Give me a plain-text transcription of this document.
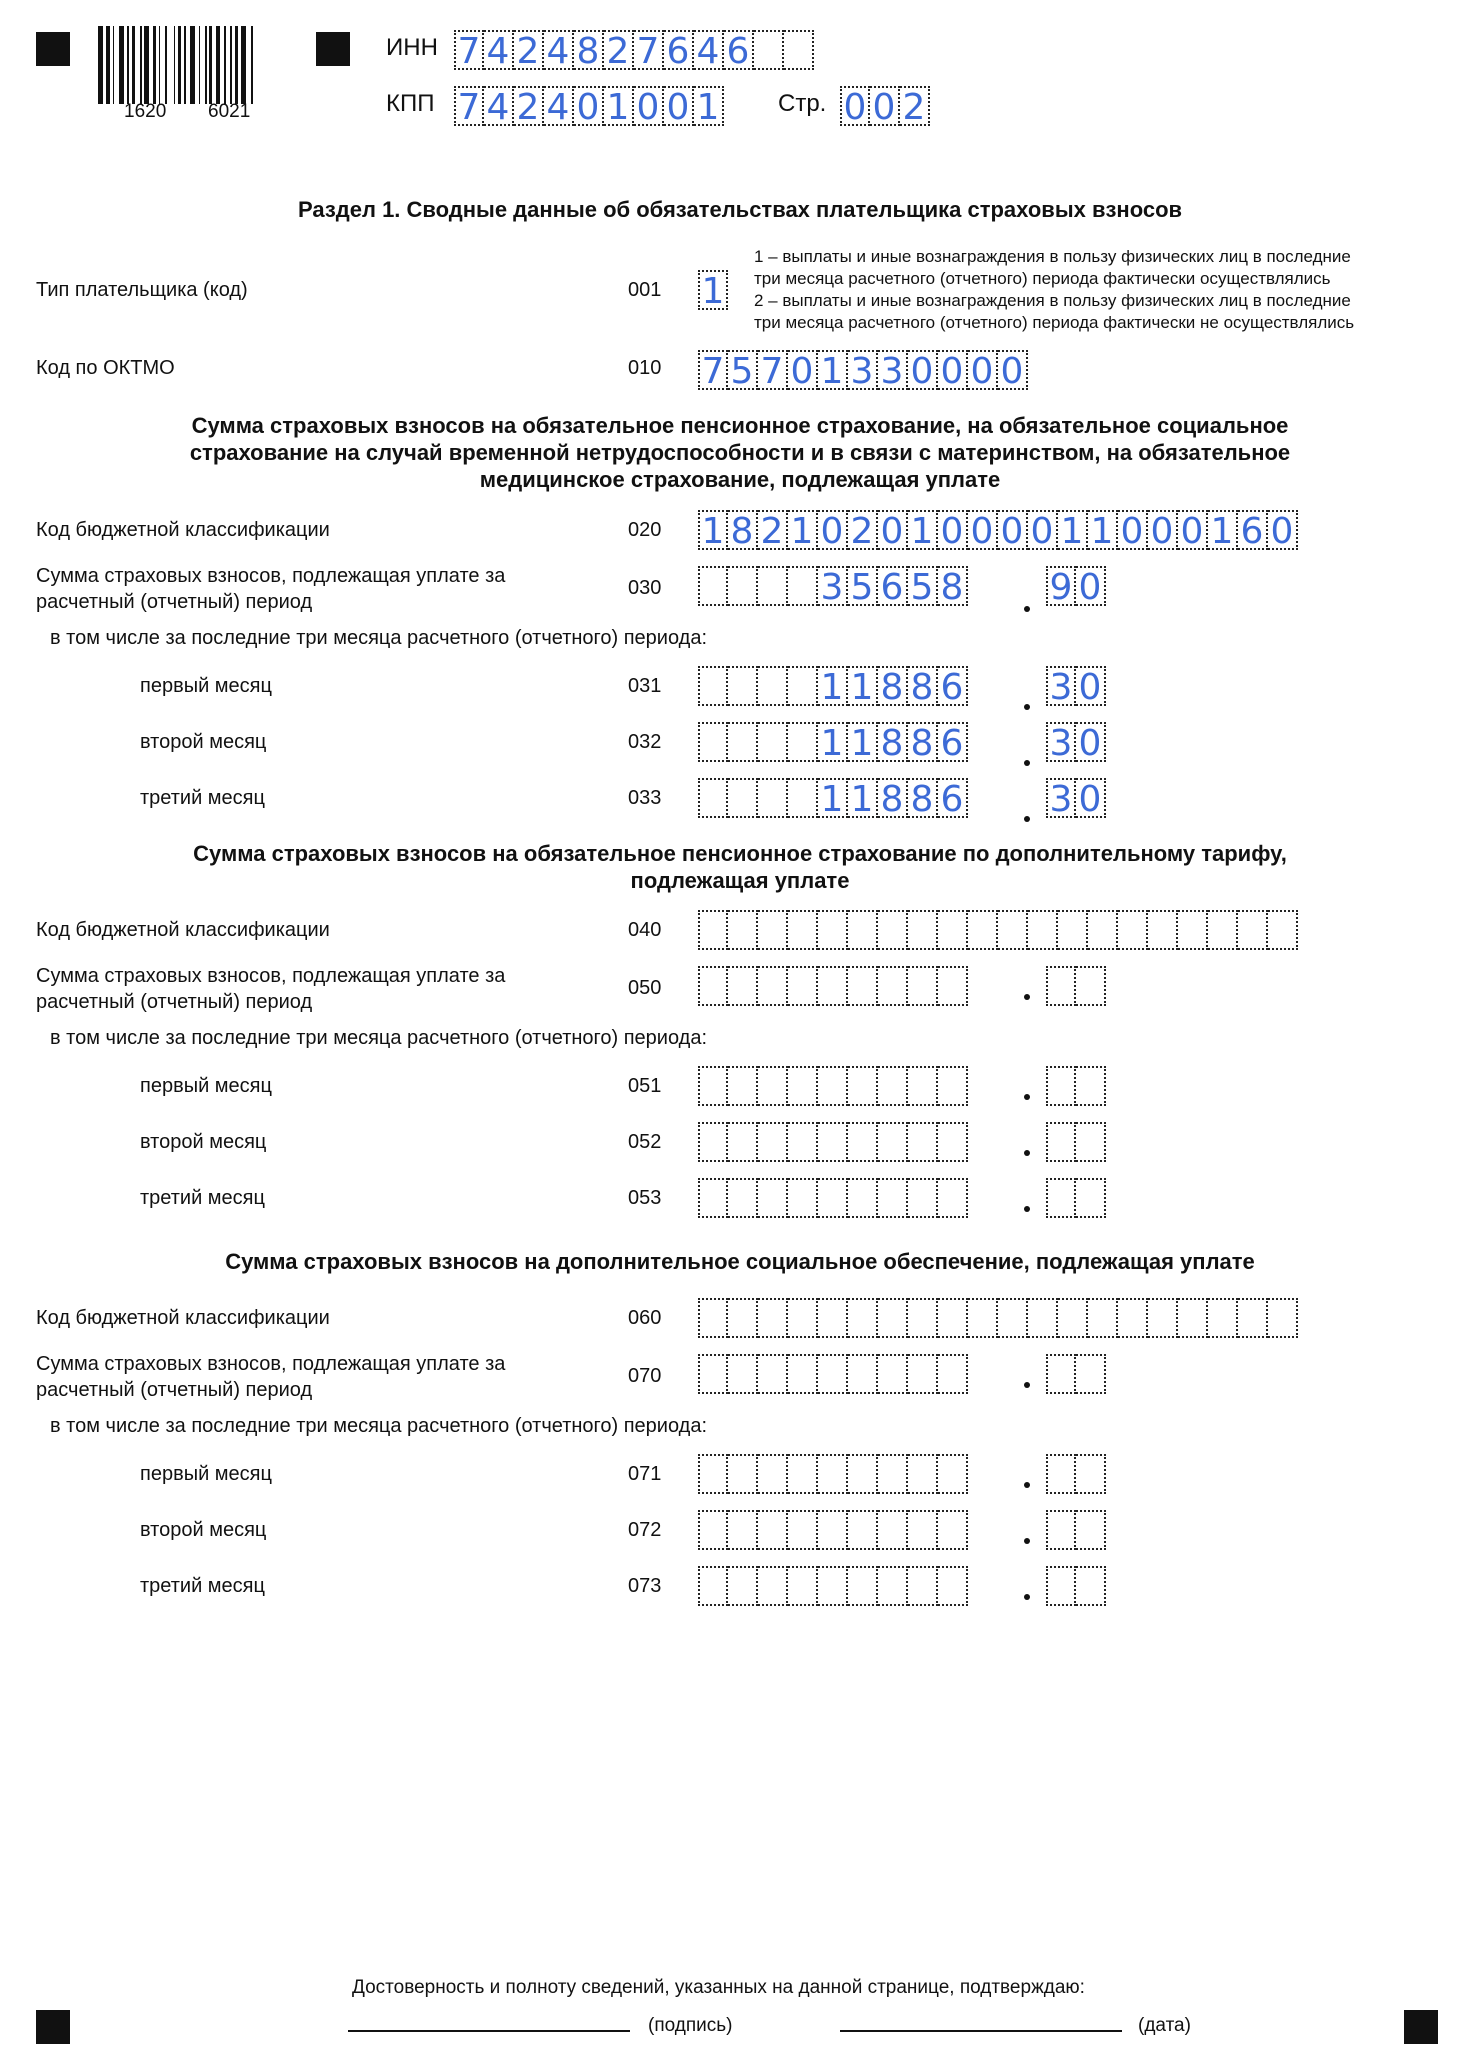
1620 6021
ИНН 7 4 2 4 8 2 7 6 4 6
КПП 7 4 2 4 0 1 0 0 1 Стр. 0 0 2
Раздел 1. Сводные данные об обязательствах плательщика страховых взносов
Тип плательщика (код)	001 1
1 – выплаты и иные вознаграждения в пользу физических лиц в последние
три месяца расчетного (отчетного) периода фактически осуществлялись
2 – выплаты и иные вознаграждения в пользу физических лиц в последние
три месяца расчетного (отчетного) периода фактически не осуществлялись
Код по ОКТМО	010 7 5 7 0 1 3 3 0 0 0 0
Сумма страховых взносов на обязательное пенсионное страхование, на обязательное социальное
страхование на случай временной нетрудоспособности и в связи с материнством, на обязательное
медицинское страхование, подлежащая уплате
Код бюджетной классификации	020 1 8 2 1 0 2 0 1 0 0 0 0 1 1 0 0 0 1 6 0
Сумма страховых взносов, подлежащая уплате за
расчетный (отчетный) период
030	3 5 6 5 8 9 0
в том числе за последние три месяца расчетного (отчетного) периода:
первый месяц	031	1 1 8 8 6 3 0
второй месяц	032	1 1 8 8 6 3 0
третий месяц	033	1 1 8 8 6 3 0
Сумма страховых взносов на обязательное пенсионное страхование по дополнительному тарифу,
подлежащая уплате
Код бюджетной классификации	040
Сумма страховых взносов, подлежащая уплате за
расчетный (отчетный) период
050
в том числе за последние три месяца расчетного (отчетного) периода:
первый месяц	051
второй месяц	052
третий месяц	053
Сумма страховых взносов на дополнительное социальное обеспечение, подлежащая уплате
Код бюджетной классификации	060
Сумма страховых взносов, подлежащая уплате за
расчетный (отчетный) период
070
в том числе за последние три месяца расчетного (отчетного) периода:
первый месяц	071
второй месяц	072
третий месяц	073
Достоверность и полноту сведений, указанных на данной странице, подтверждаю:
(подпись)	(дата)
